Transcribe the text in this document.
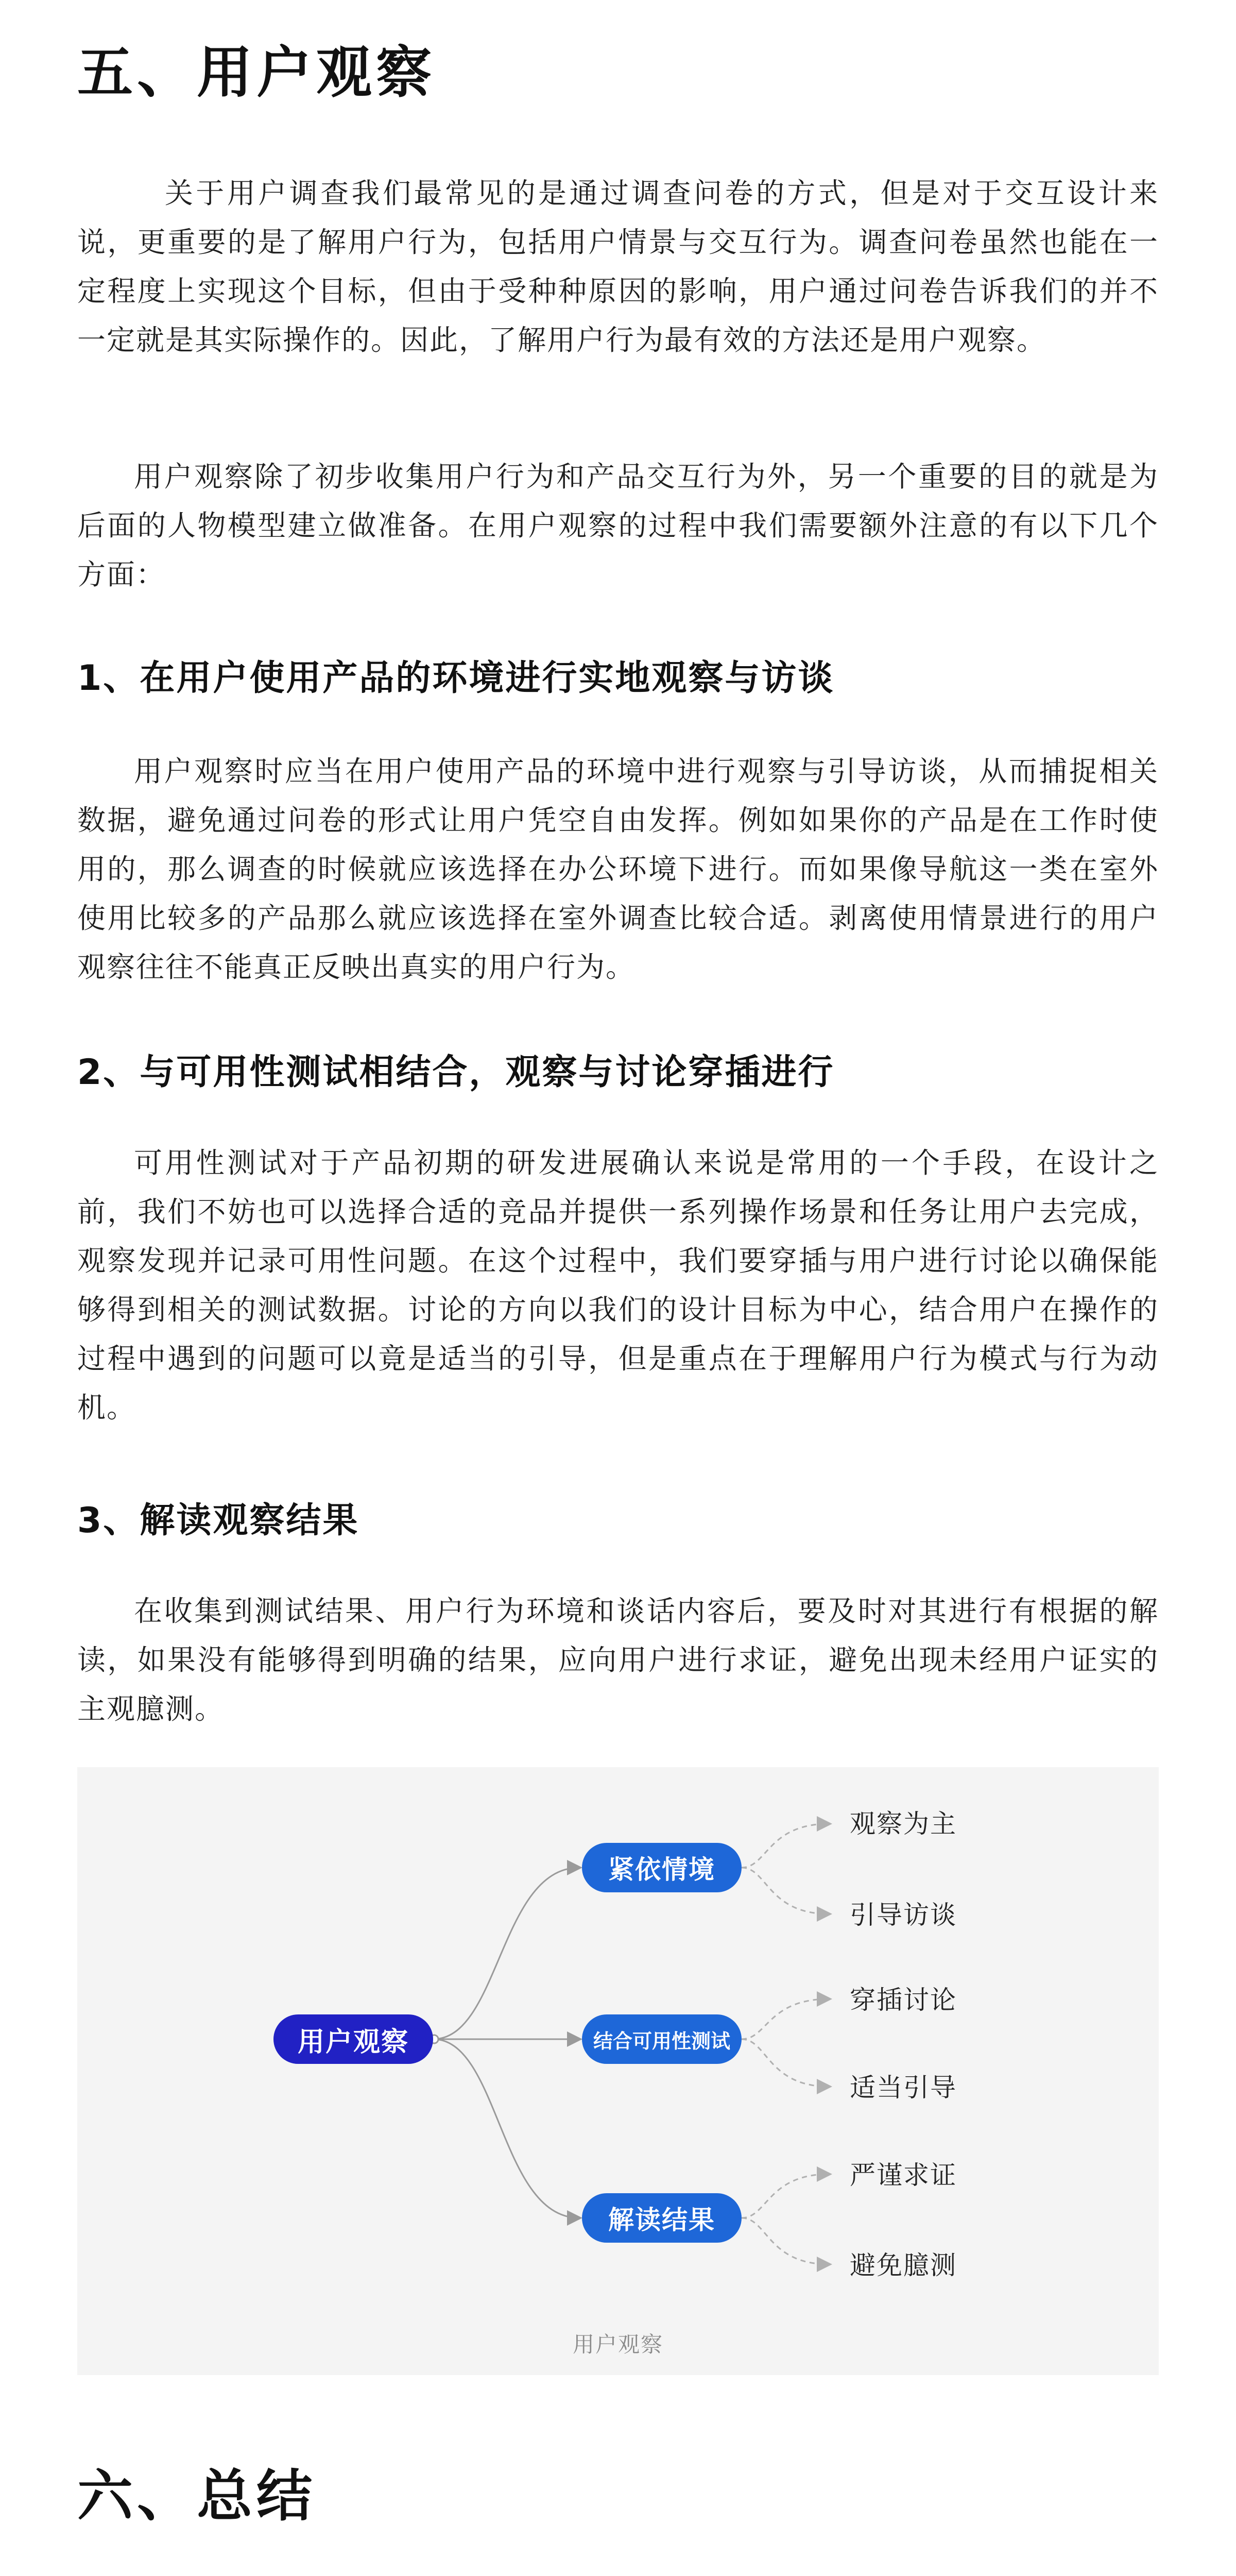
五、用户观察

关于用户调查我们最常见的是通过调查问卷的方式，但是对于交互设计来说，更重要的是了解用户行为，包括用户情景与交互行为。调查问卷虽然也能在一定程度上实现这个目标，但由于受种种原因的影响，用户通过问卷告诉我们的并不一定就是其实际操作的。因此，了解用户行为最有效的方法还是用户观察。

用户观察除了初步收集用户行为和产品交互行为外，另一个重要的目的就是为后面的人物模型建立做准备。在用户观察的过程中我们需要额外注意的有以下几个方面：

1、在用户使用产品的环境进行实地观察与访谈

用户观察时应当在用户使用产品的环境中进行观察与引导访谈，从而捕捉相关数据，避免通过问卷的形式让用户凭空自由发挥。例如如果你的产品是在工作时使用的，那么调查的时候就应该选择在办公环境下进行。而如果像导航这一类在室外使用比较多的产品那么就应该选择在室外调查比较合适。剥离使用情景进行的用户观察往往不能真正反映出真实的用户行为。

2、与可用性测试相结合，观察与讨论穿插进行

可用性测试对于产品初期的研发进展确认来说是常用的一个手段，在设计之前，我们不妨也可以选择合适的竞品并提供一系列操作场景和任务让用户去完成，观察发现并记录可用性问题。在这个过程中，我们要穿插与用户进行讨论以确保能够得到相关的测试数据。讨论的方向以我们的设计目标为中心，结合用户在操作的过程中遇到的问题可以竟是适当的引导，但是重点在于理解用户行为模式与行为动机。

3、解读观察结果

在收集到测试结果、用户行为环境和谈话内容后，要及时对其进行有根据的解读，如果没有能够得到明确的结果，应向用户进行求证，避免出现未经用户证实的主观臆测。

用户观察
紧依情境
结合可用性测试
解读结果
观察为主
引导访谈
穿插讨论
适当引导
严谨求证
避免臆测
用户观察
六、总结
